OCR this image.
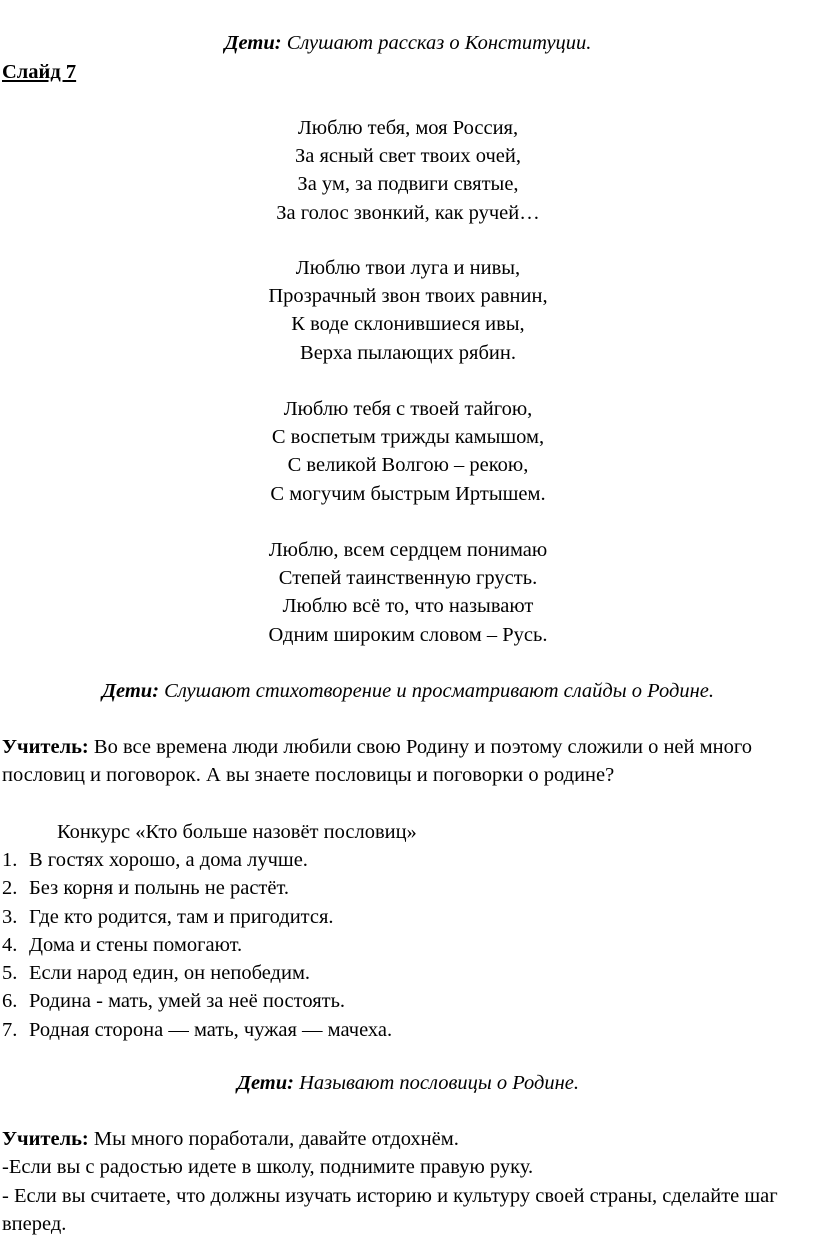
Дети: Слушают рассказ о Конституции.
Слайд 7
Люблю тебя, моя Россия,
За ясный свет твоих очей,
За ум, за подвиги святые,
За голос звонкий, как ручей…
Люблю твои луга и нивы,
Прозрачный звон твоих равнин,
К воде склонившиеся ивы,
Верха пылающих рябин.
Люблю тебя с твоей тайгою,
С воспетым трижды камышом,
С великой Волгою – рекою,
С могучим быстрым Иртышем.
Люблю, всем сердцем понимаю
Степей таинственную грусть.
Люблю всё то, что называют
Одним широким словом – Русь.
Дети: Слушают стихотворение и просматривают слайды о Родине.
Учитель: Во все времена люди любили свою Родину и поэтому сложили о ней много пословиц и поговорок. А вы знаете пословицы и поговорки о родине?
Конкурс «Кто больше назовёт пословиц»
1. В гостях хорошо, а дома лучше.
2. Без корня и полынь не растёт.
3. Где кто родится, там и пригодится.
4. Дома и стены помогают.
5. Если народ един, он непобедим.
6. Родина - мать, умей за неё постоять.
7. Родная сторона — мать, чужая — мачеха.
Дети: Называют пословицы о Родине.
Учитель: Мы много поработали, давайте отдохнём.
-Если вы с радостью идете в школу, поднимите правую руку.
- Если вы считаете, что должны изучать историю и культуру своей страны, сделайте шаг вперед.
